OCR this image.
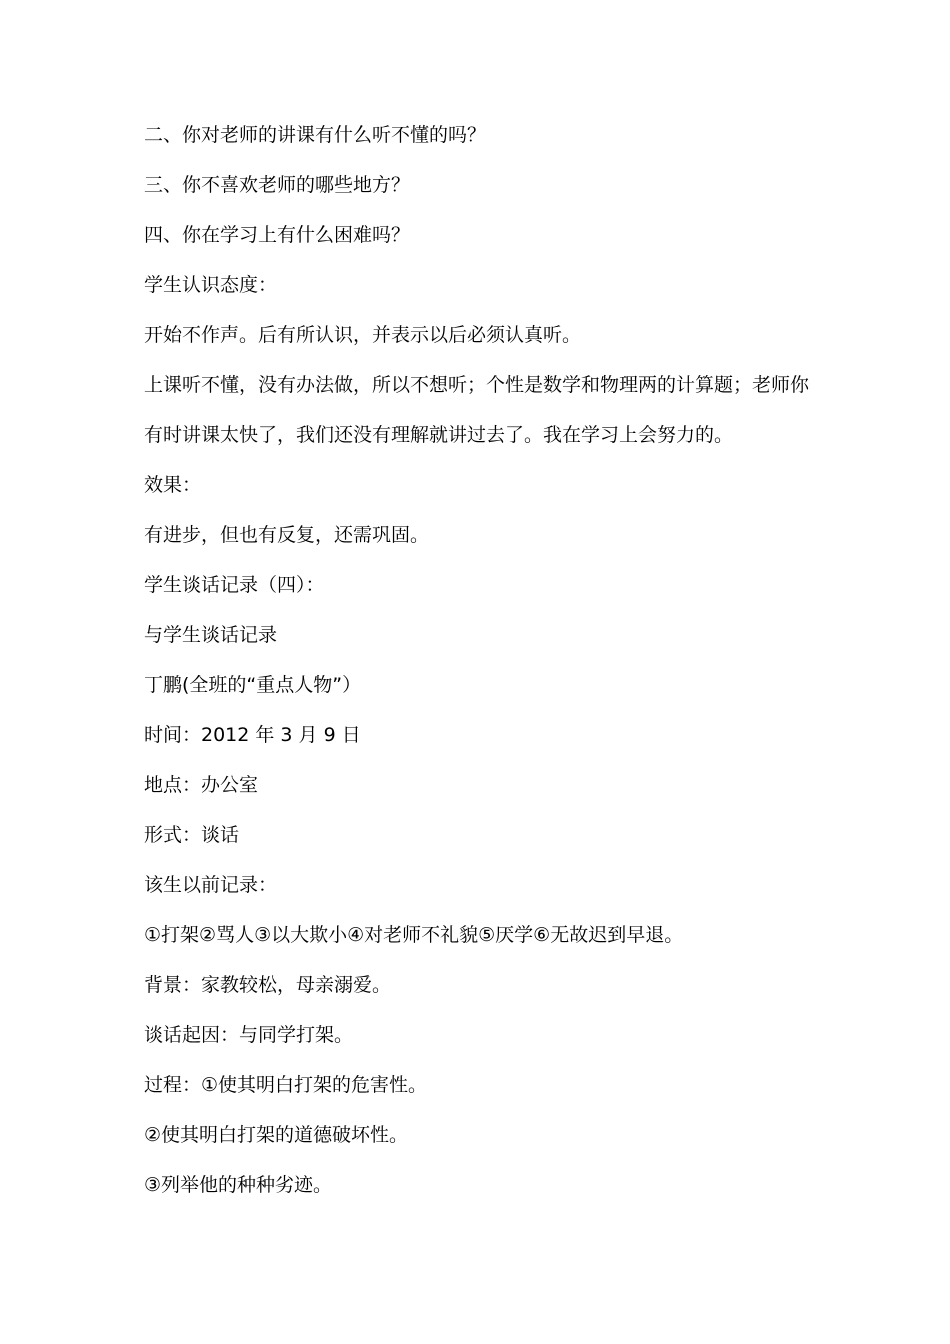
二、你对老师的讲课有什么听不懂的吗？
三、你不喜欢老师的哪些地方？
四、你在学习上有什么困难吗？
学生认识态度：
开始不作声。后有所认识，并表示以后必须认真听。
上课听不懂，没有办法做，所以不想听；个性是数学和物理两的计算题；老师你
有时讲课太快了，我们还没有理解就讲过去了。我在学习上会努力的。
效果：
有进步，但也有反复，还需巩固。
学生谈话记录（四）：
与学生谈话记录
丁鹏(全班的“重点人物”）
时间：2012 年 3 月 9 日
地点：办公室
形式：谈话
该生以前记录：
①打架②骂人③以大欺小④对老师不礼貌⑤厌学⑥无故迟到早退。
背景：家教较松，母亲溺爱。
谈话起因：与同学打架。
过程：①使其明白打架的危害性。
②使其明白打架的道德破坏性。
③列举他的种种劣迹。
